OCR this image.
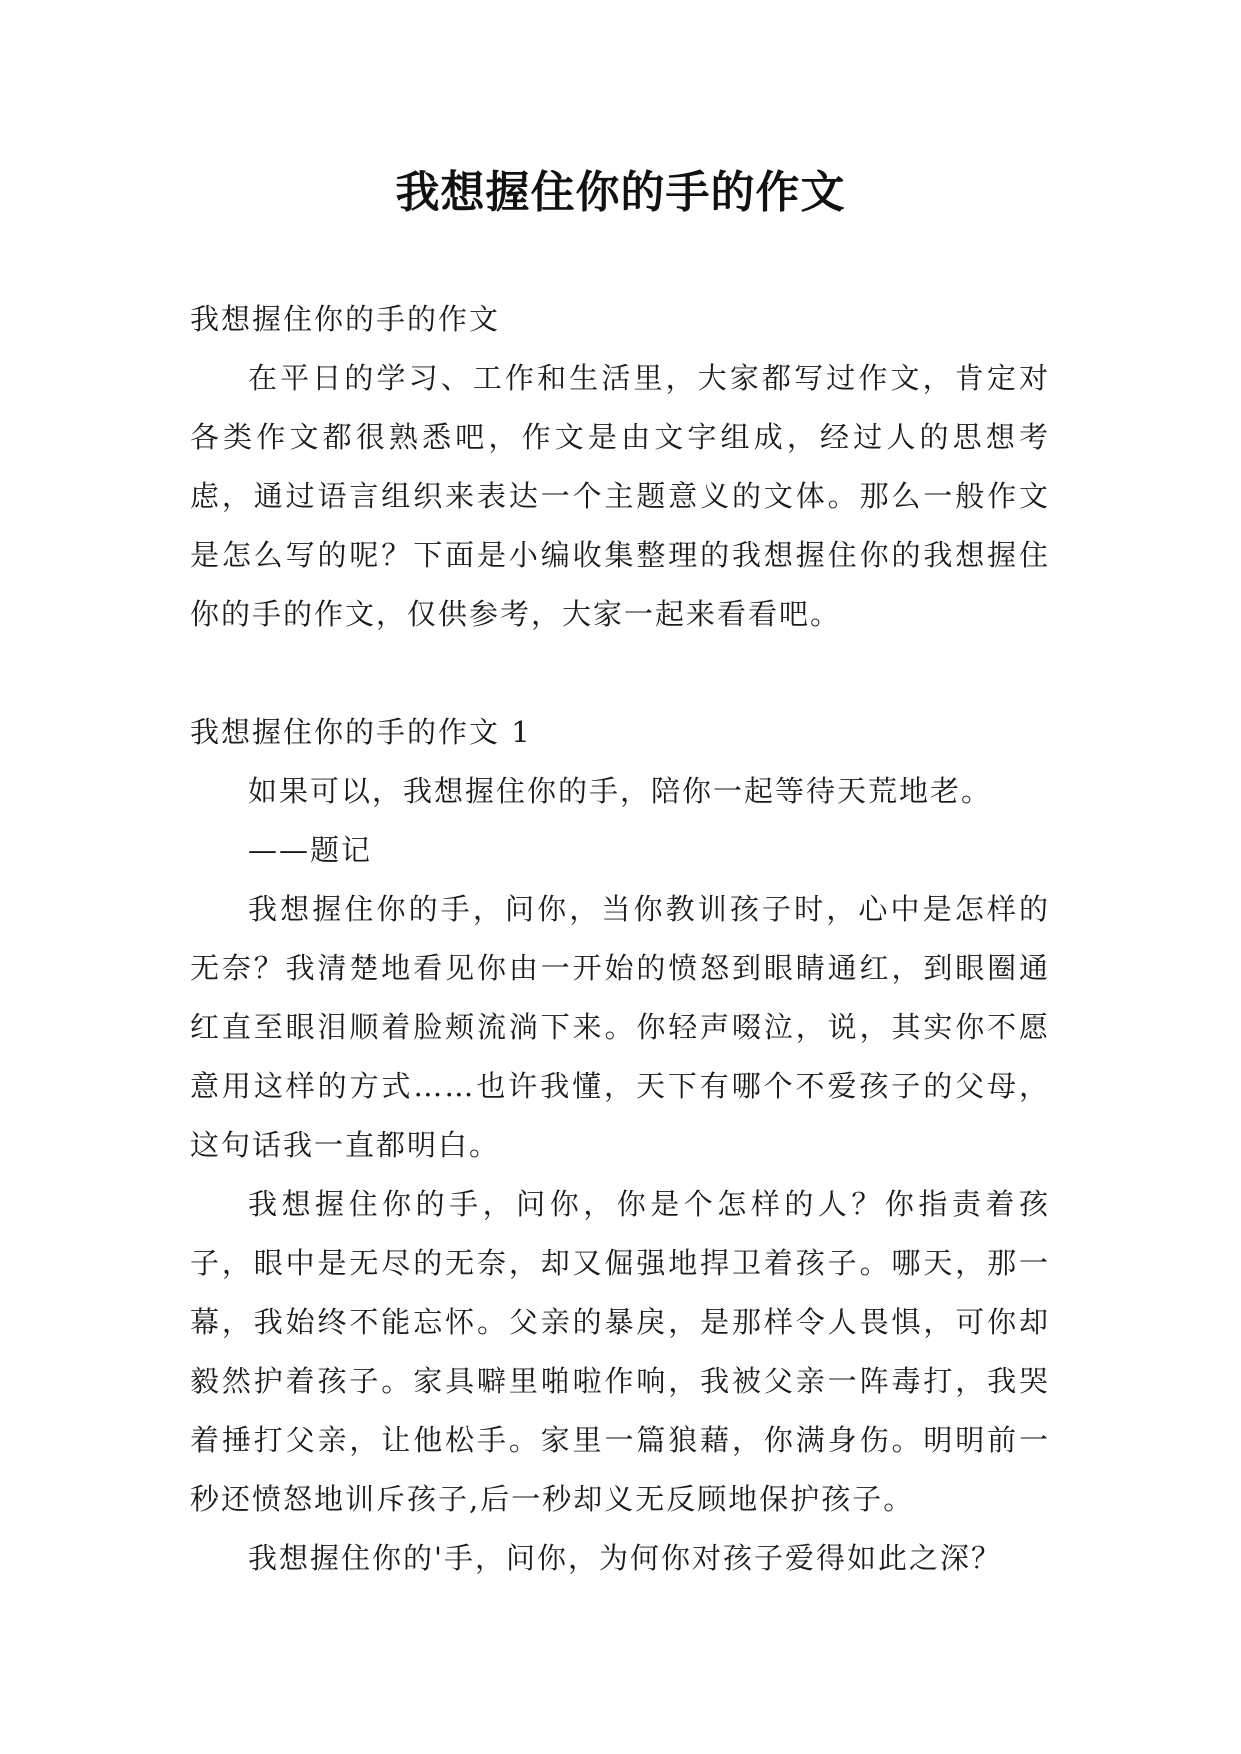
我想握住你的手的作文

我想握住你的手的作文

在平日的学习、工作和生活里，大家都写过作文，肯定对各类作文都很熟悉吧，作文是由文字组成，经过人的思想考虑，通过语言组织来表达一个主题意义的文体。那么一般作文是怎么写的呢？下面是小编收集整理的我想握住你的我想握住你的手的作文，仅供参考，大家一起来看看吧。

我想握住你的手的作文 1

如果可以，我想握住你的手，陪你一起等待天荒地老。

——题记

我想握住你的手，问你，当你教训孩子时，心中是怎样的无奈？我清楚地看见你由一开始的愤怒到眼睛通红，到眼圈通红直至眼泪顺着脸颊流淌下来。你轻声啜泣，说，其实你不愿意用这样的方式……也许我懂，天下有哪个不爱孩子的父母，这句话我一直都明白。

我想握住你的手，问你，你是个怎样的人？你指责着孩子，眼中是无尽的无奈，却又倔强地捍卫着孩子。哪天，那一幕，我始终不能忘怀。父亲的暴戾，是那样令人畏惧，可你却毅然护着孩子。家具噼里啪啦作响，我被父亲一阵毒打，我哭着捶打父亲，让他松手。家里一篇狼藉，你满身伤。明明前一秒还愤怒地训斥孩子,后一秒却义无反顾地保护孩子。

我想握住你的'手，问你，为何你对孩子爱得如此之深？
